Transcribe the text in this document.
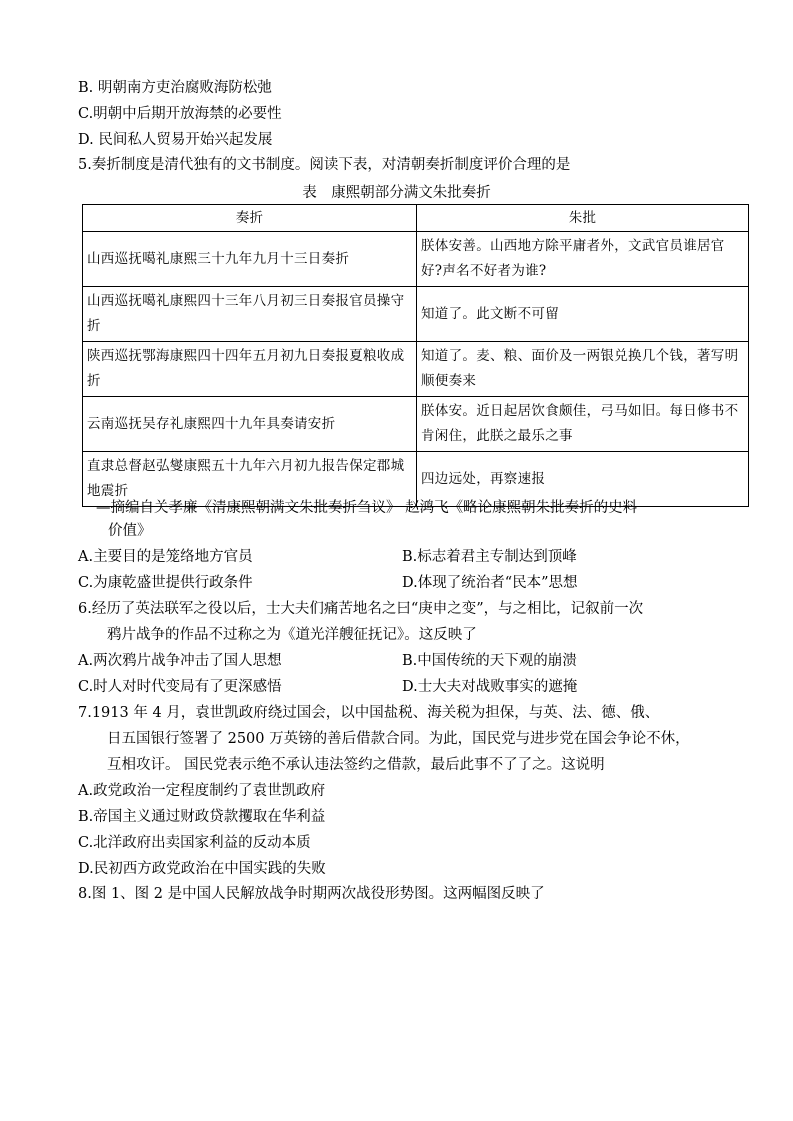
B. 明朝南方吏治腐败海防松弛
C.明朝中后期开放海禁的必要性
D. 民间私人贸易开始兴起发展
5.奏折制度是清代独有的文书制度。阅读下表，对清朝奏折制度评价合理的是
表　康熙朝部分满文朱批奏折
奏折	朱批
山西巡抚噶礼康熙三十九年九月十三日奏折	朕体安善。山西地方除平庸者外，文武官员谁居官好?声名不好者为谁?
山西巡抚噶礼康熙四十三年八月初三日奏报官员操守折	知道了。此文断不可留
陕西巡抚鄂海康熙四十四年五月初九日奏报夏粮收成折	知道了。麦、粮、面价及一两银兑换几个钱，著写明顺便奏来
云南巡抚吴存礼康熙四十九年具奏请安折	朕体安。近日起居饮食颇佳，弓马如旧。每日修书不肯闲住，此朕之最乐之事
直隶总督赵弘燮康熙五十九年六月初九报告保定郡城地震折	四边远处，再察速报
—摘编自关孝廉《清康熙朝满文朱批奏折刍议》 赵鸿飞《略论康熙朝朱批奏折的史料
价值》
A.主要目的是笼络地方官员	B.标志着君主专制达到顶峰
C.为康乾盛世提供行政条件	D.体现了统治者“民本”思想
6.经历了英法联军之役以后，士大夫们痛苦地名之曰“庚申之变”，与之相比，记叙前一次
鸦片战争的作品不过称之为《道光洋艘征抚记》。这反映了
A.两次鸦片战争冲击了国人思想	B.中国传统的天下观的崩溃
C.时人对时代变局有了更深感悟	D.士大夫对战败事实的遮掩
7.1913 年 4 月，袁世凯政府绕过国会，以中国盐税、海关税为担保，与英、法、德、俄、
日五国银行签署了 2500 万英镑的善后借款合同。为此，国民党与进步党在国会争论不休，
互相攻讦。 国民党表示绝不承认违法签约之借款，最后此事不了了之。这说明
A.政党政治一定程度制约了袁世凯政府
B.帝国主义通过财政贷款攫取在华利益
C.北洋政府出卖国家利益的反动本质
D.民初西方政党政治在中国实践的失败
8.图 1、图 2 是中国人民解放战争时期两次战役形势图。这两幅图反映了
